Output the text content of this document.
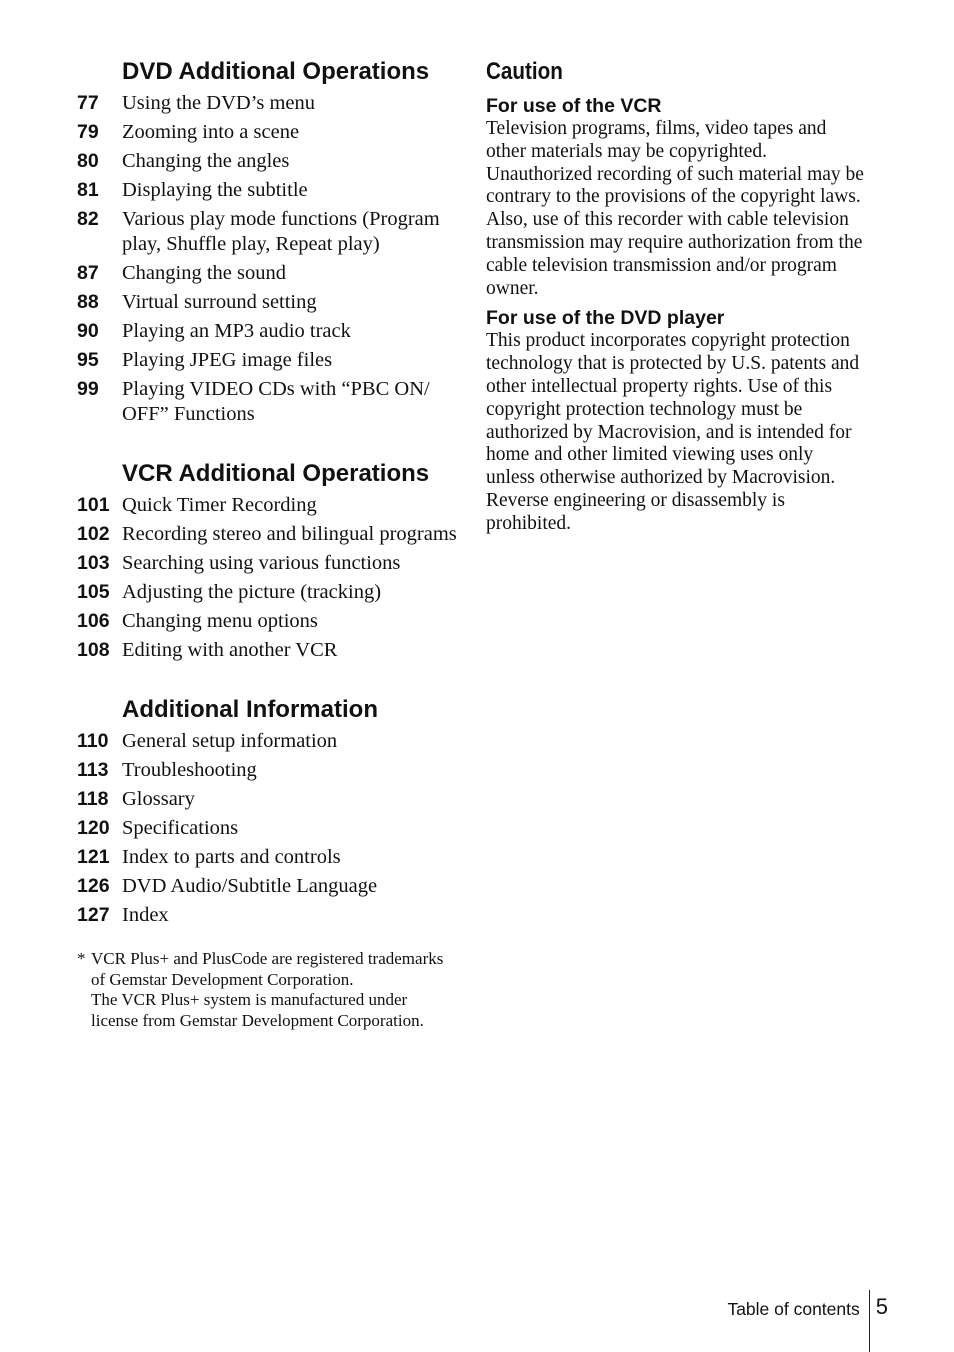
DVD Additional Operations
77	Using the DVD’s menu
79	Zooming into a scene
80	Changing the angles
81	Displaying the subtitle
82	Various play mode functions (Program play, Shuffle play, Repeat play)
87	Changing the sound
88	Virtual surround setting
90	Playing an MP3 audio track
95	Playing JPEG image files
99	Playing VIDEO CDs with “PBC ON/ OFF” Functions
VCR Additional Operations
101 Quick Timer Recording
102 Recording stereo and bilingual programs
103 Searching using various functions
105 Adjusting the picture (tracking)
106 Changing menu options
108 Editing with another VCR
Additional Information
110 General setup information
113 Troubleshooting
118 Glossary
120 Specifications
121 Index to parts and controls
126 DVD Audio/Subtitle Language
127 Index
* VCR Plus+ and PlusCode are registered trademarks of Gemstar Development Corporation.

The VCR Plus+ system is manufactured under license from Gemstar Development Corporation.

Caution
For use of the VCR

Television programs, films, video tapes and other materials may be copyrighted. Unauthorized recording of such material may be contrary to the provisions of the copyright laws. Also, use of this recorder with cable television transmission may require authorization from the cable television transmission and/or program owner.

For use of the DVD player

This product incorporates copyright protection technology that is protected by U.S. patents and other intellectual property rights. Use of this copyright protection technology must be authorized by Macrovision, and is intended for home and other limited viewing uses only unless otherwise authorized by Macrovision. Reverse engineering or disassembly is prohibited.

Table of contents 5
